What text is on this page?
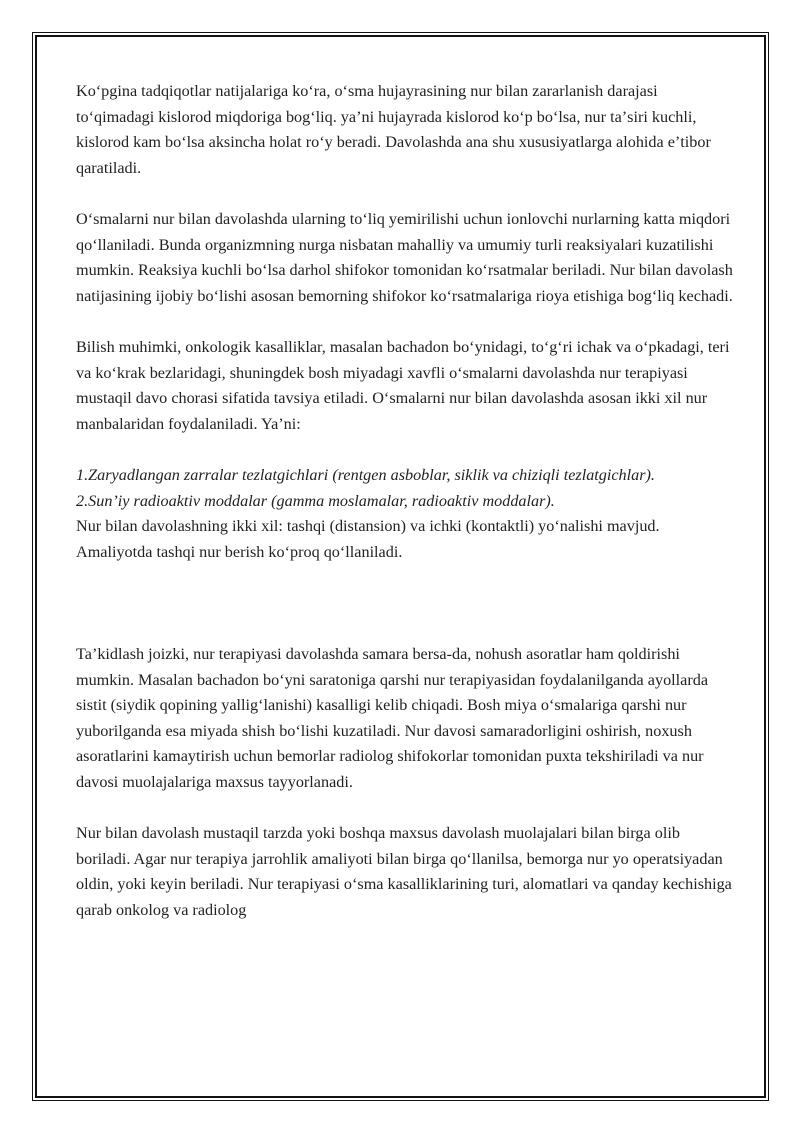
Koʻpgina tadqiqotlar natijalariga koʻra, oʻsma hujayrasining nur bilan zararlanish darajasi toʻqimadagi kislorod miqdoriga bogʻliq. yaʼni hujayrada kislorod koʻp boʻlsa, nur taʼsiri kuchli, kislorod kam boʻlsa aksincha holat roʻy beradi. Davolashda ana shu xususiyatlarga alohida eʼtibor qaratiladi.

Oʻsmalarni nur bilan davolashda ularning toʻliq yemirilishi uchun ionlovchi nurlarning katta miqdori qoʻllaniladi. Bunda organizmning nurga nisbatan mahalliy va umumiy turli reaksiyalari kuzatilishi mumkin. Reaksiya kuchli boʻlsa darhol shifokor tomonidan koʻrsatmalar beriladi. Nur bilan davolash natijasining ijobiy boʻlishi asosan bemorning shifokor koʻrsatmalariga rioya etishiga bogʻliq kechadi.

Bilish muhimki, onkologik kasalliklar, masalan bachadon boʻynidagi, toʻgʻri ichak va oʻpkadagi, teri va koʻkrak bezlaridagi, shuningdek bosh miyadagi xavfli oʻsmalarni davolashda nur terapiyasi mustaqil davo chorasi sifatida tavsiya etiladi. Oʻsmalarni nur bilan davolashda asosan ikki xil nur manbalaridan foydalaniladi. Yaʼni:

1.Zaryadlangan zarralar tezlatgichlari (rentgen asboblar, siklik va chiziqli tezlatgichlar).

2.Sunʼiy radioaktiv moddalar (gamma moslamalar, radioaktiv moddalar).

Nur bilan davolashning ikki xil: tashqi (distansion) va ichki (kontaktli) yoʻnalishi mavjud. Amaliyotda tashqi nur berish koʻproq qoʻllaniladi.

Taʼkidlash joizki, nur terapiyasi davolashda samara bersa-da, nohush asoratlar ham qoldirishi mumkin. Masalan bachadon boʻyni saratoniga qarshi nur terapiyasidan foydalanilganda ayollarda sistit (siydik qopining yalligʻlanishi) kasalligi kelib chiqadi. Bosh miya oʻsmalariga qarshi nur yuborilganda esa miyada shish boʻlishi kuzatiladi. Nur davosi samaradorligini oshirish, noxush asoratlarini kamaytirish uchun bemorlar radiolog shifokorlar tomonidan puxta tekshiriladi va nur davosi muolajalariga maxsus tayyorlanadi.

Nur bilan davolash mustaqil tarzda yoki boshqa maxsus davolash muolajalari bilan birga olib boriladi. Agar nur terapiya jarrohlik amaliyoti bilan birga qoʻllanilsa, bemorga nur yo operatsiyadan oldin, yoki keyin beriladi. Nur terapiyasi oʻsma kasalliklarining turi, alomatlari va qanday kechishiga qarab onkolog va radiolog
